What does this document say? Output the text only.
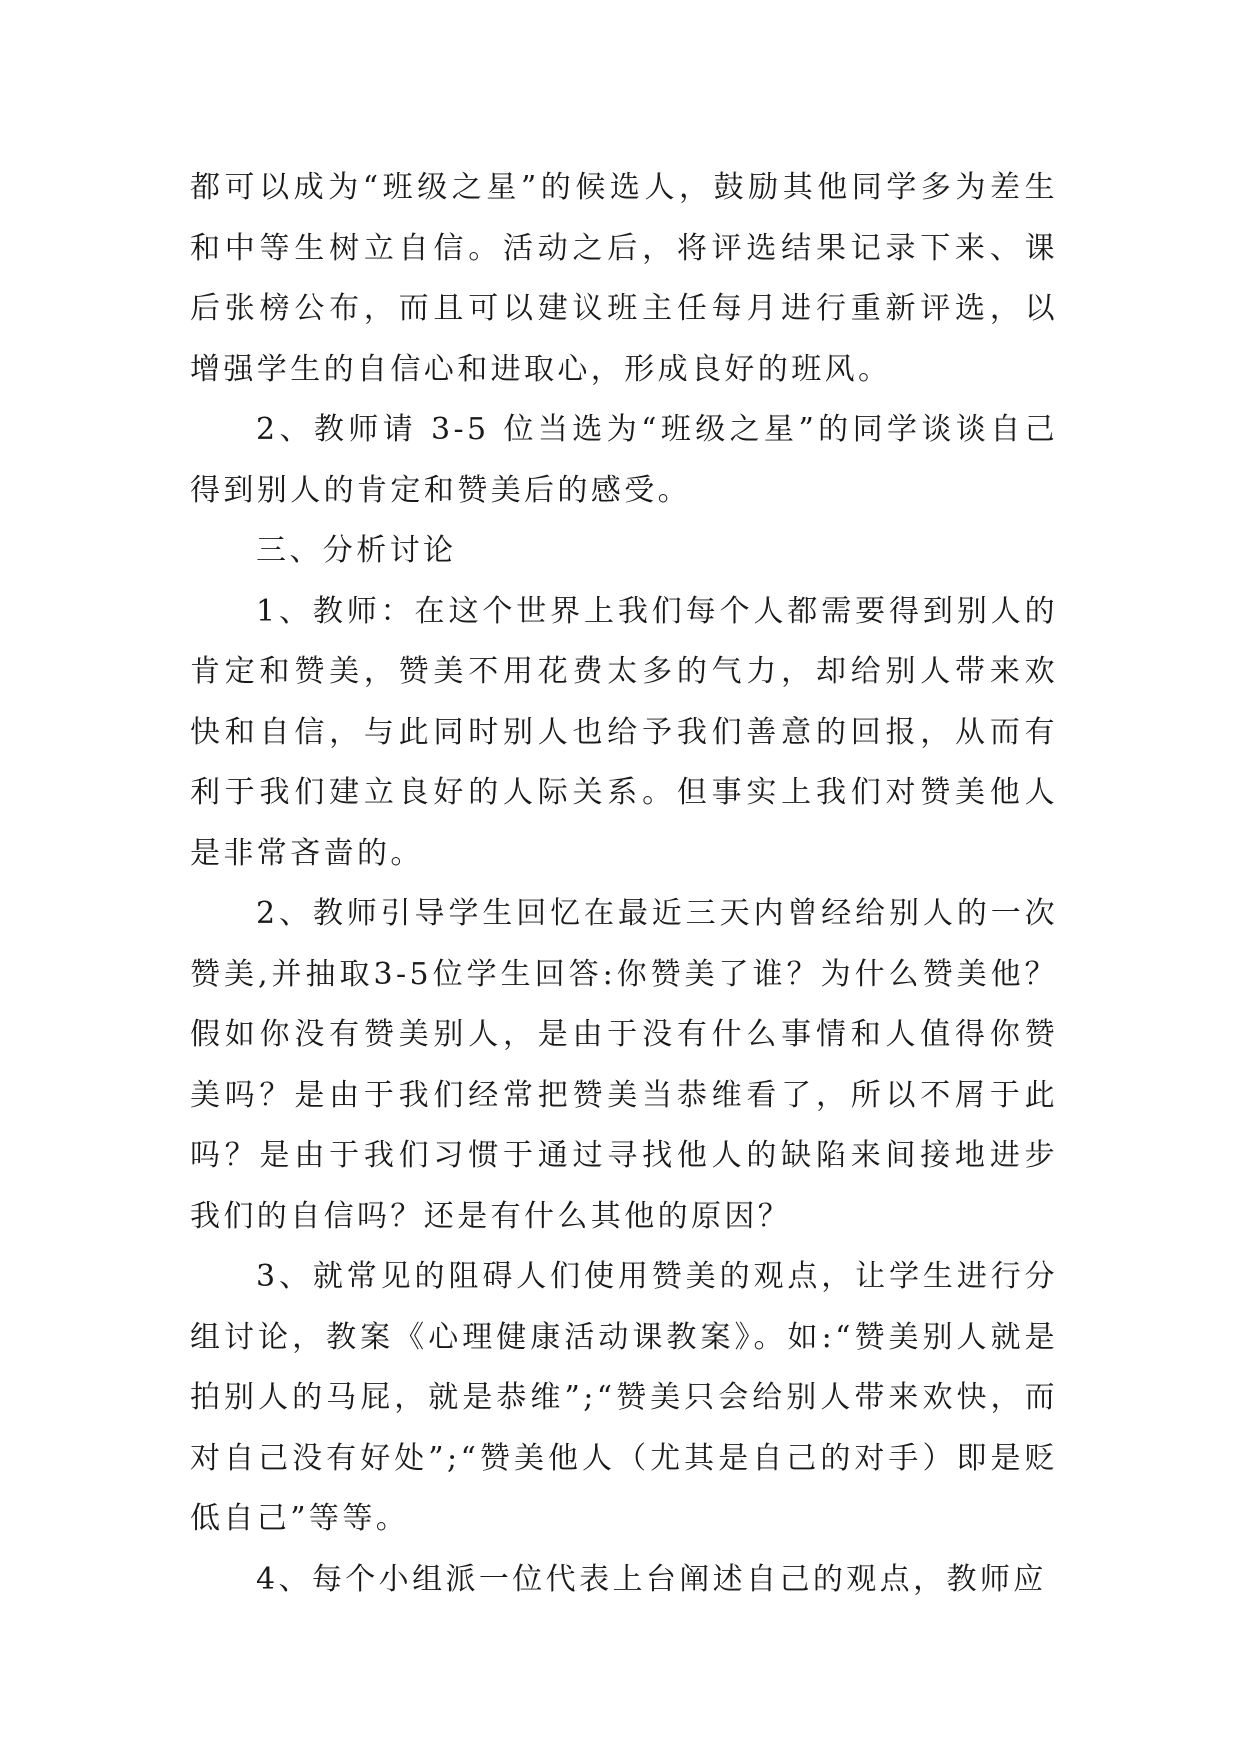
都可以成为“班级之星”的候选人，鼓励其他同学多为差生和中等生树立自信。活动之后，将评选结果记录下来、课后张榜公布，而且可以建议班主任每月进行重新评选，以增强学生的自信心和进取心，形成良好的班风。

2、教师请 3-5 位当选为“班级之星”的同学谈谈自己得到别人的肯定和赞美后的感受。

三、分析讨论

1、教师：在这个世界上我们每个人都需要得到别人的肯定和赞美，赞美不用花费太多的气力，却给别人带来欢快和自信，与此同时别人也给予我们善意的回报，从而有利于我们建立良好的人际关系。但事实上我们对赞美他人是非常吝啬的。

2、教师引导学生回忆在最近三天内曾经给别人的一次赞美,并抽取3-5位学生回答:你赞美了谁？为什么赞美他？假如你没有赞美别人，是由于没有什么事情和人值得你赞美吗？是由于我们经常把赞美当恭维看了，所以不屑于此吗？是由于我们习惯于通过寻找他人的缺陷来间接地进步我们的自信吗？还是有什么其他的原因？

3、就常见的阻碍人们使用赞美的观点，让学生进行分组讨论，教案《心理健康活动课教案》。如:“赞美别人就是拍别人的马屁，就是恭维”;“赞美只会给别人带来欢快，而对自己没有好处”;“赞美他人（尤其是自己的对手）即是贬低自己”等等。

4、每个小组派一位代表上台阐述自己的观点，教师应
